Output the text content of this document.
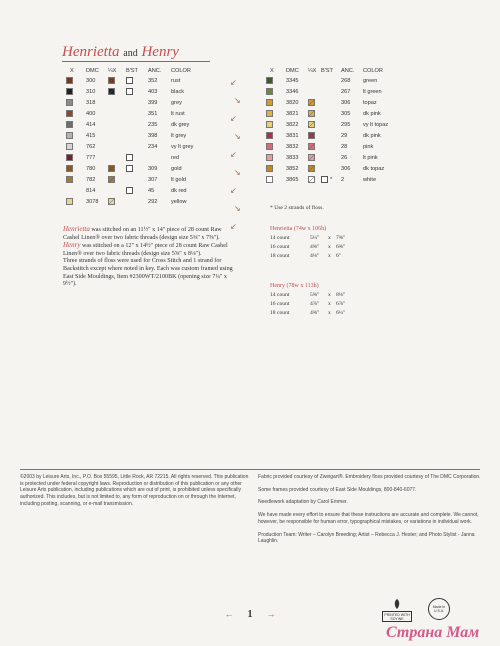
Henrietta and Henry
X DMC ¼X B'ST ANC. COLOR
300	352 rust
310	403 black
318	399 grey
400	351 lt rust
414	235 dk grey
415	398 lt grey
762	234 vy lt grey
777	red
780	309 gold
782	307 lt gold
814	45	dk red
3078	292 yellow
X DMC ¼X B'ST ANC. COLOR
3345	268 green
3346	267 lt green
3820	306 topaz
3821	305 dk pink
3822	295 vy lt topaz
3831	29	dk pink
3832	28	pink
3833	26	lt pink
3852	306 dk topaz
3865	* 2	white
↙
↘
↙
↘
↙
↘
↙
↘
↙
* Use 2 strands of floss.
Henrietta was stitched on an 11½" x 14" piece of 28 count Raw Cashel Linen® over two fabric threads (design size 5⅜" x 7⅝").
Henry was stitched on a 12" x 14½" piece of 28 count Raw Cashel Linen® over two fabric threads (design size 5⅝" x 8⅛").
Three strands of floss were used for Cross Stitch and 1 strand for Backstitch except where noted in key. Each was custom framed using East Side Mouldings, Item #2300WT/2100BK (opening size 7¼" x 9½").
Henrietta (74w x 106h)
14 count	5¼" x 7⅝"
16 count	4⅝" x 6⅝"
18 count	4⅛" x 6"
Henry (78w x 113h)
14 count	5⅝" x 8⅛"
16 count	4⅞" x 6⅞"
18 count	4⅜" x 6¼"
©2003 by Leisure Arts, Inc., P.O. Box 55595, Little Rock, AR 72215. All rights reserved. This publication is protected under federal copyright laws. Reproduction or distribution of this publication or any other Leisure Arts publication, including publications which are out of print, is prohibited unless specifically authorized. This includes, but is not limited to, any form of reproduction on or through the Internet, including posting, scanning, or e-mail transmission.

Fabric provided courtesy of Zweigart®. Embroidery floss provided courtesy of The DMC Corporation.

Some frames provided courtesy of East Side Mouldings, 800-840-6077.

Needlework adaptation by Carol Emmer.

We have made every effort to ensure that these instructions are accurate and complete. We cannot, however, be responsible for human error, typographical mistakes, or variations in individual work.

Production Team: Writer – Carolyn Breeding; Artist – Rebecca J. Hester; and Photo Stylist - Janna Laughlin.

← 1 →	PRINTED WITH SOYINK
Made in U.S.A.
Страна Мам
